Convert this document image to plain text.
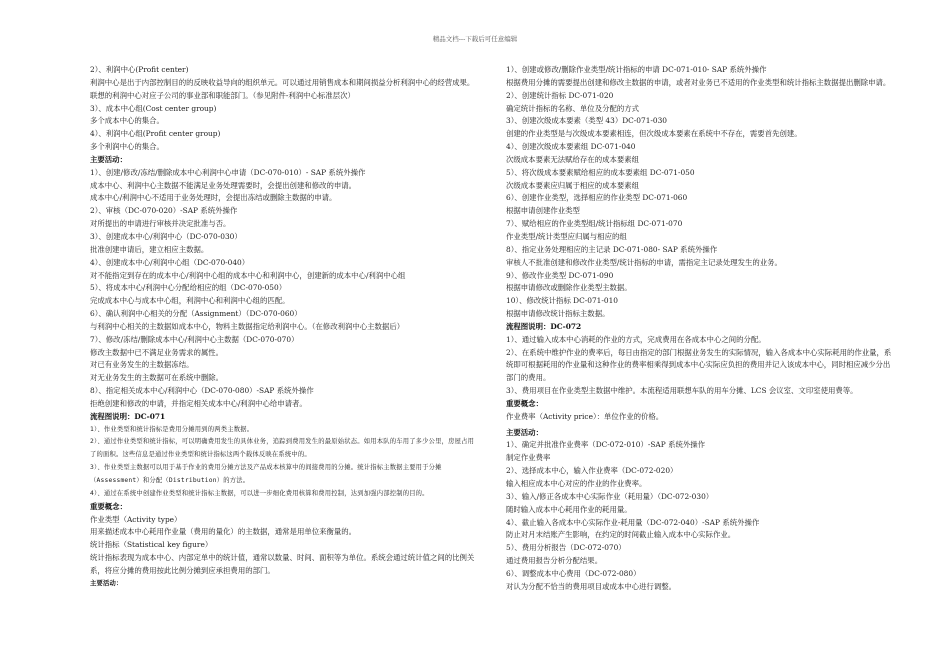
精品文档---下载后可任意编辑
2）、利润中心(Profit center)
利润中心是出于内部控制目的的反映收益导向的组织单元。可以通过用销售成本和期间损益分析利润中心的经营成果。联想的利润中心对应子公司的事业部和职能部门。（参见附件-利润中心标准层次）
3）、成本中心组(Cost center group)
多个成本中心的集合。
4）、利润中心组(Profit center group)
多个利润中心的集合。
主要活动：
1）、创建/修改/冻结/删除成本中心利润中心申请（DC-070-010）- SAP 系统外操作
成本中心、利润中心主数据不能满足业务处理需要时，会提出创建和修改的申请。
成本中心/利润中心不适用于业务处理时，会提出冻结或删除主数据的申请。
2）、审核（DC-070-020）-SAP 系统外操作
对所提出的申请进行审核并决定批准与否。
3）、创建成本中心/利润中心（DC-070-030）
批准创建申请后，建立相应主数据。
4）、创建成本中心/利润中心组（DC-070-040）
对不能指定到存在的成本中心/利润中心组的成本中心和利润中心，创建新的成本中心/利润中心组
5）、将成本中心/利润中心分配给相应的组（DC-070-050）
完成成本中心与成本中心组，利润中心和利润中心组的匹配。
6）、确认利润中心相关的分配（Assignment）（DC-070-060）
与利润中心相关的主数据如成本中心，物料主数据指定给利润中心。（在修改利润中心主数据后）
7）、修改/冻结/删除成本中心/利润中心主数据（DC-070-070）
修改主数据中已不满足业务需求的属性。
对已有业务发生的主数据冻结。
对无业务发生的主数据可在系统中删除。
8）、指定相关成本中心/利润中心（DC-070-080）-SAP 系统外操作
拒绝创建和修改的申请，并指定相关成本中心/利润中心给申请者。
流程图说明：DC-071
1）、作业类型和统计指标是费用分摊用到的两类主数据。
2）、通过作业类型和统计指标，可以明确费用发生的具体业务，追踪到费用发生的最原始状态。如用本队的车用了多少公里，房屋占用了的面积。这些信息是通过作业类型和统计指标这两个载体反映在系统中的。
3）、作业类型主数据可以用于基于作业的费用分摊方法及产品成本核算中的间接费用的分摊。统计指标主数据主要用于分摊（Assessment）和分配（Distribution）的方法。
4）、通过在系统中创建作业类型和统计指标主数据，可以进一步细化费用核算和费用控制，达到加强内部控制的目的。
重要概念：
作业类型（Activity type）
用来描述成本中心耗用作业量（费用的量化）的主数据，通常是用单位来衡量的。
统计指标（Statistical key figure）
统计指标表现为成本中心、内部定单中的统计值，通常以数量、时间、面积等为单位。系统会通过统计值之间的比例关系，将应分摊的费用按此比例分摊到应承担费用的部门。
主要活动：
1）、创建或修改/删除作业类型/统计指标的申请 DC-071-010- SAP 系统外操作
根据费用分摊的需要提出创建和修改主数据的申请，或者对业务已不适用的作业类型和统计指标主数据提出删除申请。
2）、创建统计指标 DC-071-020
确定统计指标的名称、单位及分配的方式
3）、创建次级成本要素（类型 43）DC-071-030
创建的作业类型是与次级成本要素相连，但次级成本要素在系统中不存在，需要首先创建。
4）、创建次级成本要素组 DC-071-040
次级成本要素无法赋给存在的成本要素组
5）、将次级成本要素赋给相应的成本要素组 DC-071-050
次级成本要素应归属于相应的成本要素组
6）、创建作业类型，选择相应的作业类型 DC-071-060
根据申请创建作业类型
7）、赋给相应的作业类型组/统计指标组 DC-071-070
作业类型/统计类型应归属与相应的组
8）、指定业务处理相应的主记录 DC-071-080- SAP 系统外操作
审核人不批准创建和修改作业类型/统计指标的申请，需指定主记录处理发生的业务。
9）、修改作业类型 DC-071-090
根据申请修改或删除作业类型主数据。
10）、修改统计指标 DC-071-010
根据申请修改统计指标主数据。
流程图说明：DC-072
1）、通过输入成本中心消耗的作业的方式，完成费用在各成本中心之间的分配。
2）、在系统中维护作业的费率后，每日由指定的部门根据业务发生的实际情况，输入各成本中心实际耗用的作业量，系统即可根据耗用的作业量和这种作业的费率相乘得到成本中心实际应负担的费用并记入该成本中心，同时相应减少分出部门的费用。
3）、费用项目在作业类型主数据中维护。本流程适用联想车队的用车分摊、LCS 会议室、文印室使用费等。
重要概念：
作业费率（Activity price）：单位作业的价格。
主要活动：
1）、确定并批准作业费率（DC-072-010）-SAP 系统外操作
制定作业费率
2）、选择成本中心，输入作业费率（DC-072-020）
输入相应成本中心对应的作业的作业费率。
3）、输入/修正各成本中心实际作业（耗用量）（DC-072-030）
随时输入成本中心耗用作业的耗用量。
4）、截止输入各成本中心实际作业-耗用量（DC-072-040）-SAP 系统外操作
防止对月末结账产生影响，在约定的时间截止输入成本中心实际作业。
5）、费用分析报告（DC-072-070）
通过费用报告分析分配结果。
6）、调整成本中心费用（DC-072-080）
对认为分配不恰当的费用项目或成本中心进行调整。
